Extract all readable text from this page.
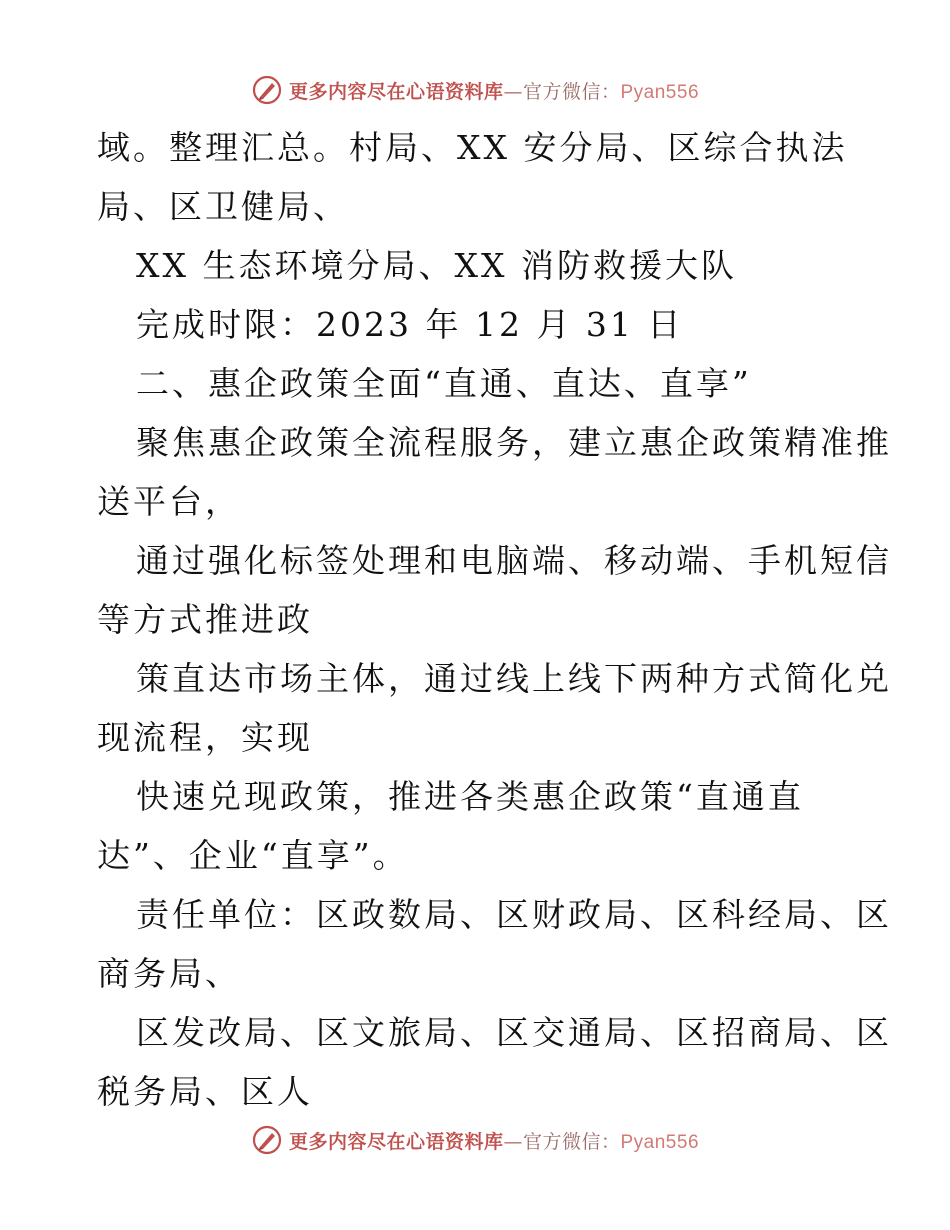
更多内容尽在心语资料库—官方微信：Pyan556
域。整理汇总。村局、XX 安分局、区综合执法
局、区卫健局、
XX 生态环境分局、XX 消防救援大队
完成时限：2023 年 12 月 31 日
二、惠企政策全面“直通、直达、直享”
聚焦惠企政策全流程服务，建立惠企政策精准推
送平台，
通过强化标签处理和电脑端、移动端、手机短信
等方式推进政
策直达市场主体，通过线上线下两种方式简化兑
现流程，实现
快速兑现政策，推进各类惠企政策“直通直
达”、企业“直享”。
责任单位：区政数局、区财政局、区科经局、区
商务局、
区发改局、区文旅局、区交通局、区招商局、区
税务局、区人
更多内容尽在心语资料库—官方微信：Pyan556
